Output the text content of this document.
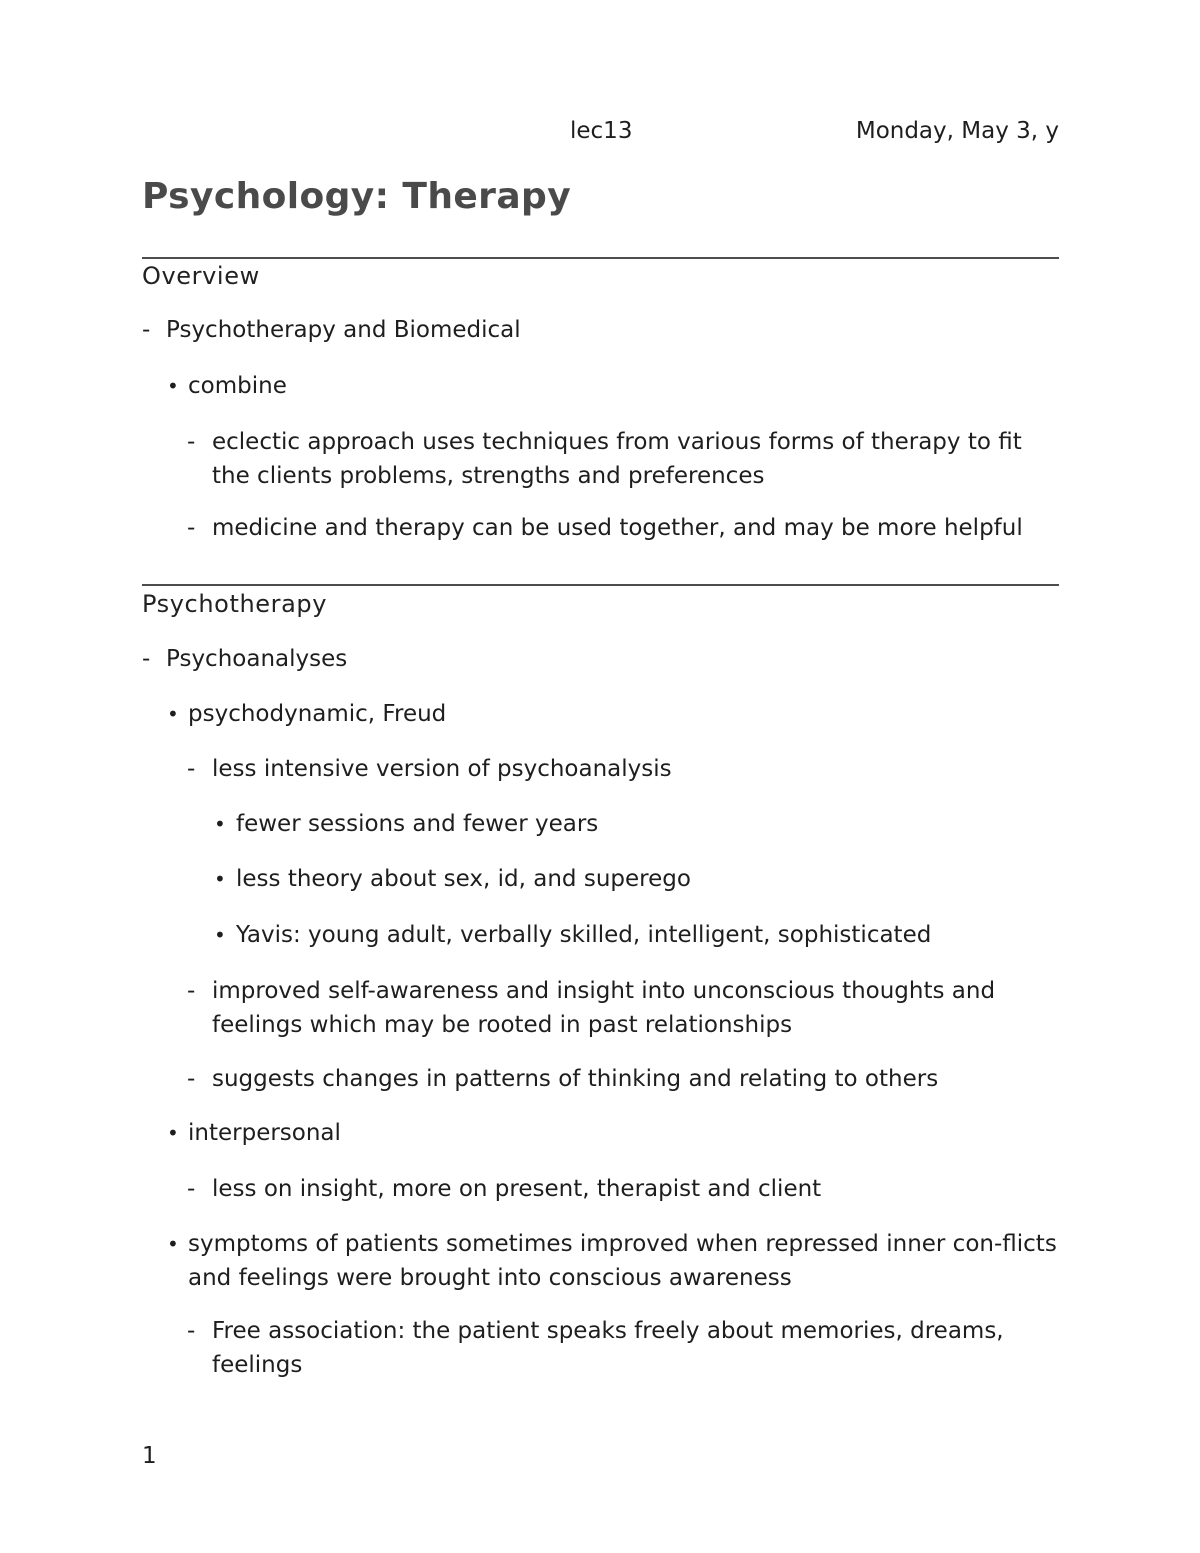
lec13	Monday, May 3, y
Psychology: Therapy
Overview
- Psychotherapy and Biomedical
• combine
- eclectic approach uses techniques from various forms of therapy to fit the clients problems, strengths and preferences
- medicine and therapy can be used together, and may be more helpful
Psychotherapy
- Psychoanalyses
• psychodynamic, Freud
- less intensive version of psychoanalysis
• fewer sessions and fewer years
• less theory about sex, id, and superego
• Yavis: young adult, verbally skilled, intelligent, sophisticated
- improved self-awareness and insight into unconscious thoughts and feelings which may be rooted in past relationships
- suggests changes in patterns of thinking and relating to others
• interpersonal
- less on insight, more on present, therapist and client
• symptoms of patients sometimes improved when repressed inner con-flicts and feelings were brought into conscious awareness
- Free association: the patient speaks freely about memories, dreams, feelings
1
